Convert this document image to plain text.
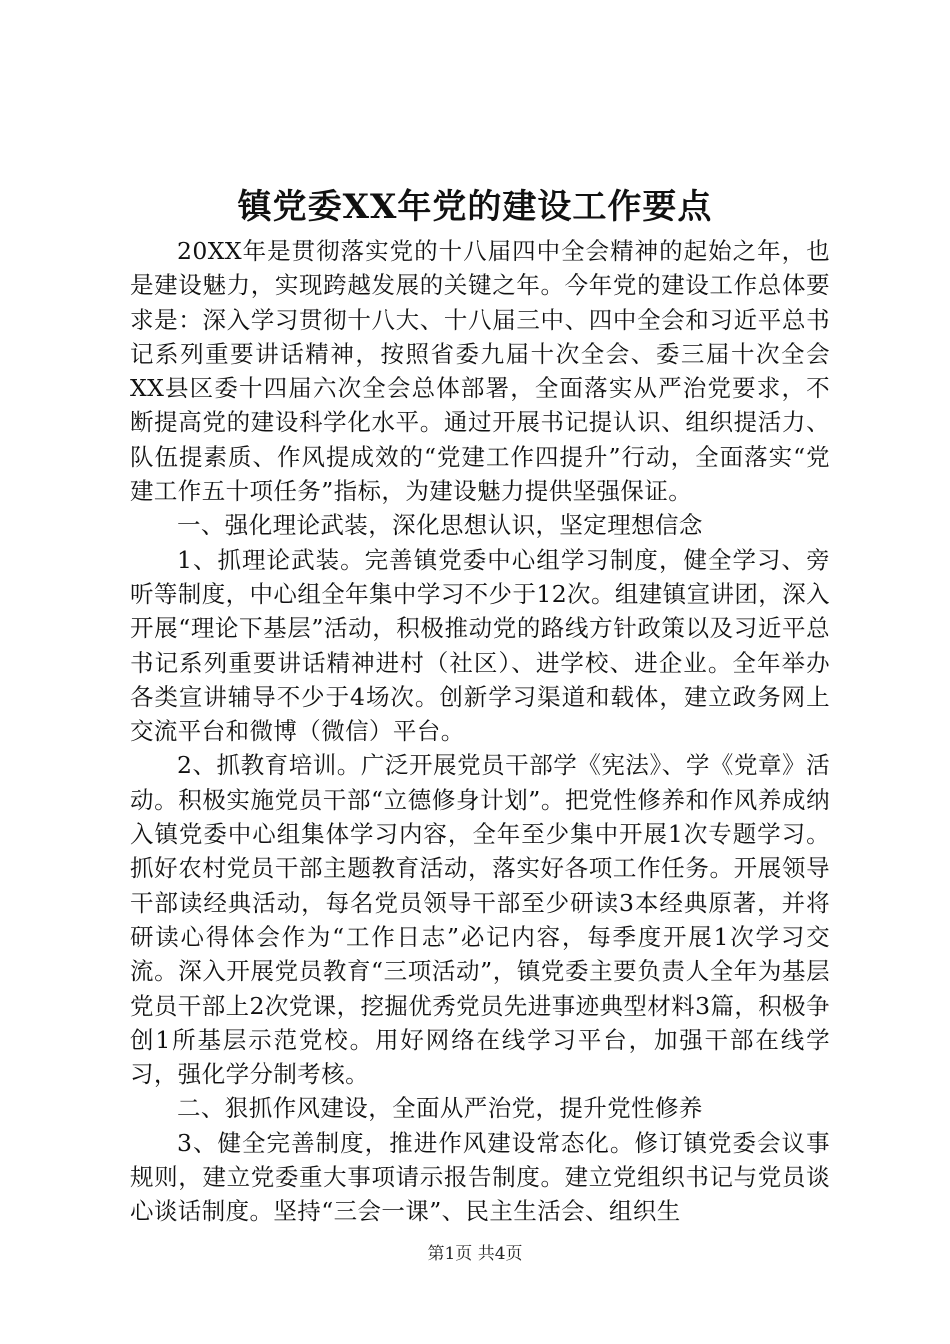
镇党委XX年党的建设工作要点

20XX年是贯彻落实党的十八届四中全会精神的起始之年，也是建设魅力，实现跨越发展的关键之年。今年党的建设工作总体要求是：深入学习贯彻十八大、十八届三中、四中全会和习近平总书记系列重要讲话精神，按照省委九届十次全会、委三届十次全会XX县区委十四届六次全会总体部署，全面落实从严治党要求，不断提高党的建设科学化水平。通过开展书记提认识、组织提活力、队伍提素质、作风提成效的“党建工作四提升”行动，全面落实“党建工作五十项任务”指标，为建设魅力提供坚强保证。

一、强化理论武装，深化思想认识，坚定理想信念

1、抓理论武装。完善镇党委中心组学习制度，健全学习、旁听等制度，中心组全年集中学习不少于12次。组建镇宣讲团，深入开展“理论下基层”活动，积极推动党的路线方针政策以及习近平总书记系列重要讲话精神进村（社区）、进学校、进企业。全年举办各类宣讲辅导不少于4场次。创新学习渠道和载体，建立政务网上交流平台和微博（微信）平台。

2、抓教育培训。广泛开展党员干部学《宪法》、学《党章》活动。积极实施党员干部“立德修身计划”。把党性修养和作风养成纳入镇党委中心组集体学习内容，全年至少集中开展1次专题学习。抓好农村党员干部主题教育活动，落实好各项工作任务。开展领导干部读经典活动，每名党员领导干部至少研读3本经典原著，并将研读心得体会作为“工作日志”必记内容，每季度开展1次学习交流。深入开展党员教育“三项活动”，镇党委主要负责人全年为基层党员干部上2次党课，挖掘优秀党员先进事迹典型材料3篇，积极争创1所基层示范党校。用好网络在线学习平台，加强干部在线学习，强化学分制考核。

二、狠抓作风建设，全面从严治党，提升党性修养

3、健全完善制度，推进作风建设常态化。修订镇党委会议事规则，建立党委重大事项请示报告制度。建立党组织书记与党员谈心谈话制度。坚持“三会一课”、民主生活会、组织生

第1页 共4页
